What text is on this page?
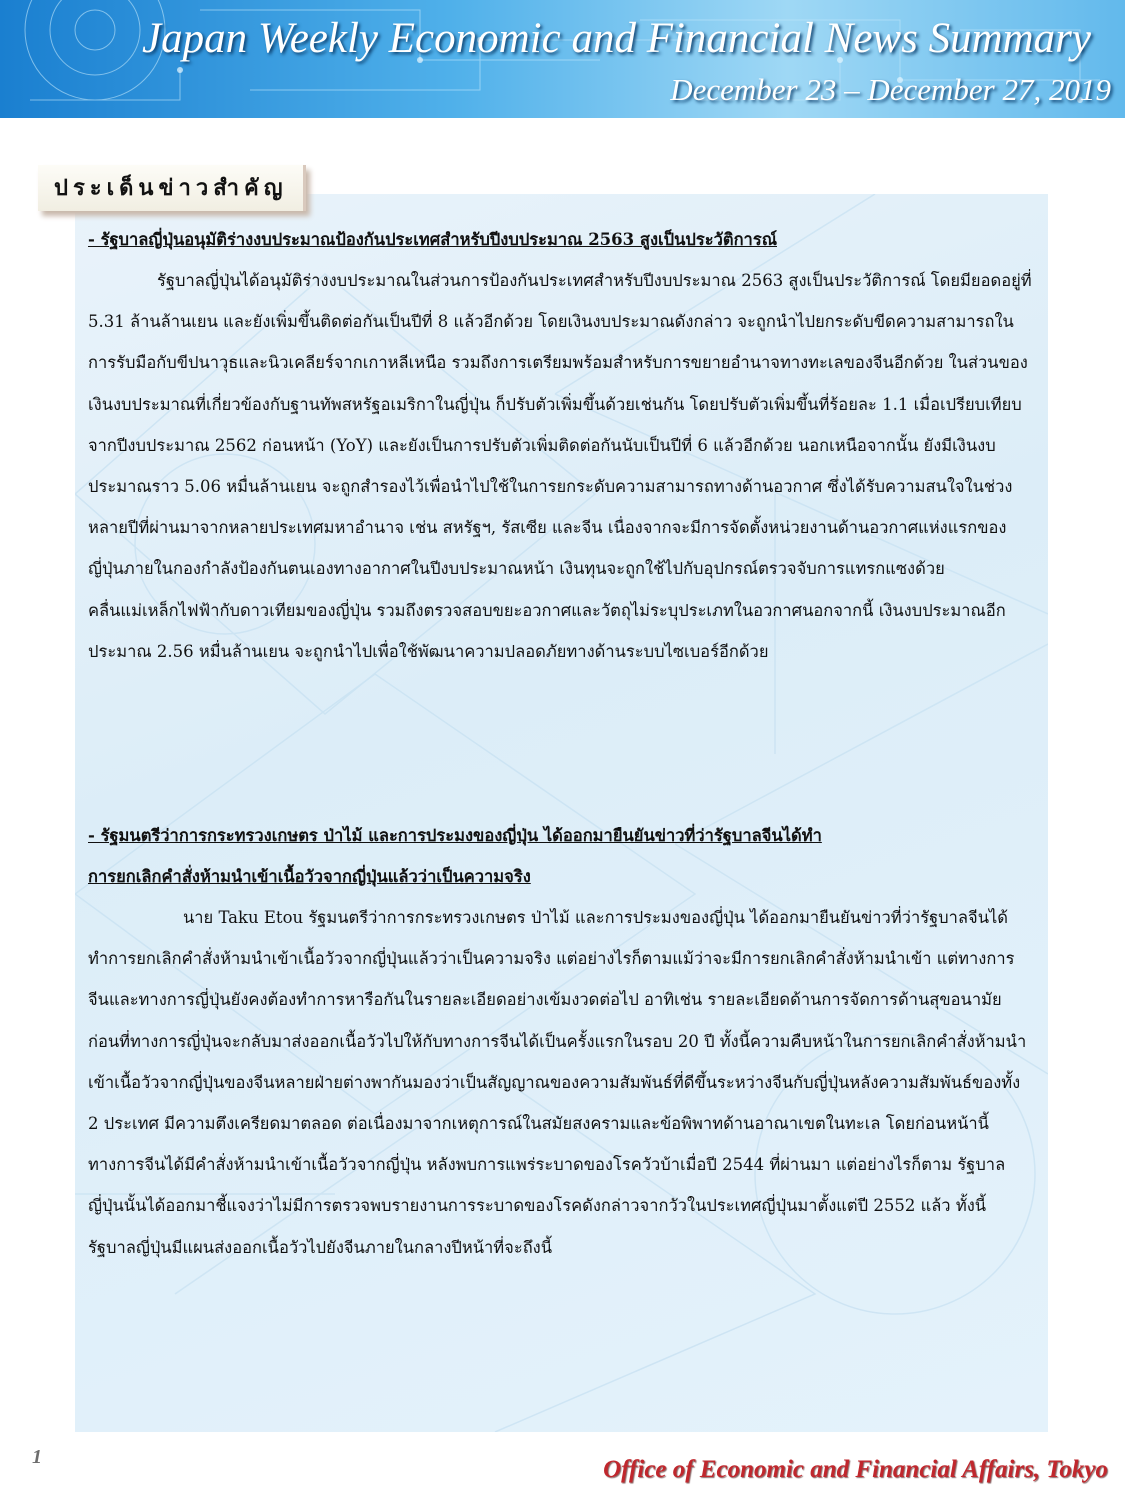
Japan Weekly Economic and Financial News Summary
December 23 – December 27, 2019
ประเด็นข่าวสำคัญ

- รัฐบาลญี่ปุ่นอนุมัติร่างงบประมาณป้องกันประเทศสำหรับปีงบประมาณ 2563 สูงเป็นประวัติการณ์

รัฐบาลญี่ปุ่นได้อนุมัติร่างงบประมาณในส่วนการป้องกันประเทศสำหรับปีงบประมาณ 2563 สูงเป็นประวัติการณ์ โดยมียอดอยู่ที่ 5.31 ล้านล้านเยน และยังเพิ่มขึ้นติดต่อกันเป็นปีที่ 8 แล้วอีกด้วย โดยเงินงบประมาณดังกล่าว จะถูกนำไปยกระดับขีดความสามารถในการรับมือกับขีปนาวุธและนิวเคลียร์จากเกาหลีเหนือ รวมถึงการเตรียมพร้อมสำหรับการขยายอำนาจทางทะเลของจีนอีกด้วย ในส่วนของเงินงบประมาณที่เกี่ยวข้องกับฐานทัพสหรัฐอเมริกาในญี่ปุ่น ก็ปรับตัวเพิ่มขึ้นด้วยเช่นกัน โดยปรับตัวเพิ่มขึ้นที่ร้อยละ 1.1 เมื่อเปรียบเทียบจากปีงบประมาณ 2562 ก่อนหน้า (YoY) และยังเป็นการปรับตัวเพิ่มติดต่อกันนับเป็นปีที่ 6 แล้วอีกด้วย นอกเหนือจากนั้น ยังมีเงินงบประมาณราว 5.06 หมื่นล้านเยน จะถูกสำรองไว้เพื่อนำไปใช้ในการยกระดับความสามารถทางด้านอวกาศ ซึ่งได้รับความสนใจในช่วงหลายปีที่ผ่านมาจากหลายประเทศมหาอำนาจ เช่น สหรัฐฯ, รัสเซีย และจีน เนื่องจากจะมีการจัดตั้งหน่วยงานด้านอวกาศแห่งแรกของญี่ปุ่นภายในกองกำลังป้องกันตนเองทางอากาศในปีงบประมาณหน้า เงินทุนจะถูกใช้ไปกับอุปกรณ์ตรวจจับการแทรกแซงด้วยคลื่นแม่เหล็กไฟฟ้ากับดาวเทียมของญี่ปุ่น รวมถึงตรวจสอบขยะอวกาศและวัตถุไม่ระบุประเภทในอวกาศนอกจากนี้ เงินงบประมาณอีกประมาณ 2.56 หมื่นล้านเยน จะถูกนำไปเพื่อใช้พัฒนาความปลอดภัยทางด้านระบบไซเบอร์อีกด้วย

- รัฐมนตรีว่าการกระทรวงเกษตร ป่าไม้ และการประมงของญี่ปุ่น ได้ออกมายืนยันข่าวที่ว่ารัฐบาลจีนได้ทำ

การยกเลิกคำสั่งห้ามนำเข้าเนื้อวัวจากญี่ปุ่นแล้วว่าเป็นความจริง

นาย Taku Etou รัฐมนตรีว่าการกระทรวงเกษตร ป่าไม้ และการประมงของญี่ปุ่น ได้ออกมายืนยันข่าวที่ว่ารัฐบาลจีนได้ทำการยกเลิกคำสั่งห้ามนำเข้าเนื้อวัวจากญี่ปุ่นแล้วว่าเป็นความจริง แต่อย่างไรก็ตามแม้ว่าจะมีการยกเลิกคำสั่งห้ามนำเข้า แต่ทางการจีนและทางการญี่ปุ่นยังคงต้องทำการหารือกันในรายละเอียดอย่างเข้มงวดต่อไป อาทิเช่น รายละเอียดด้านการจัดการด้านสุขอนามัย ก่อนที่ทางการญี่ปุ่นจะกลับมาส่งออกเนื้อวัวไปให้กับทางการจีนได้เป็นครั้งแรกในรอบ 20 ปี ทั้งนี้ความคืบหน้าในการยกเลิกคำสั่งห้ามนำเข้าเนื้อวัวจากญี่ปุ่นของจีนหลายฝ่ายต่างพากันมองว่าเป็นสัญญาณของความสัมพันธ์ที่ดีขึ้นระหว่างจีนกับญี่ปุ่นหลังความสัมพันธ์ของทั้ง 2 ประเทศ มีความตึงเครียดมาตลอด ต่อเนื่องมาจากเหตุการณ์ในสมัยสงครามและข้อพิพาทด้านอาณาเขตในทะเล โดยก่อนหน้านี้ ทางการจีนได้มีคำสั่งห้ามนำเข้าเนื้อวัวจากญี่ปุ่น หลังพบการแพร่ระบาดของโรควัวบ้าเมื่อปี 2544 ที่ผ่านมา แต่อย่างไรก็ตาม รัฐบาลญี่ปุ่นนั้นได้ออกมาชี้แจงว่าไม่มีการตรวจพบรายงานการระบาดของโรคดังกล่าวจากวัวในประเทศญี่ปุ่นมาตั้งแต่ปี 2552 แล้ว ทั้งนี้รัฐบาลญี่ปุ่นมีแผนส่งออกเนื้อวัวไปยังจีนภายในกลางปีหน้าที่จะถึงนี้

1	Office of Economic and Financial Affairs, Tokyo
